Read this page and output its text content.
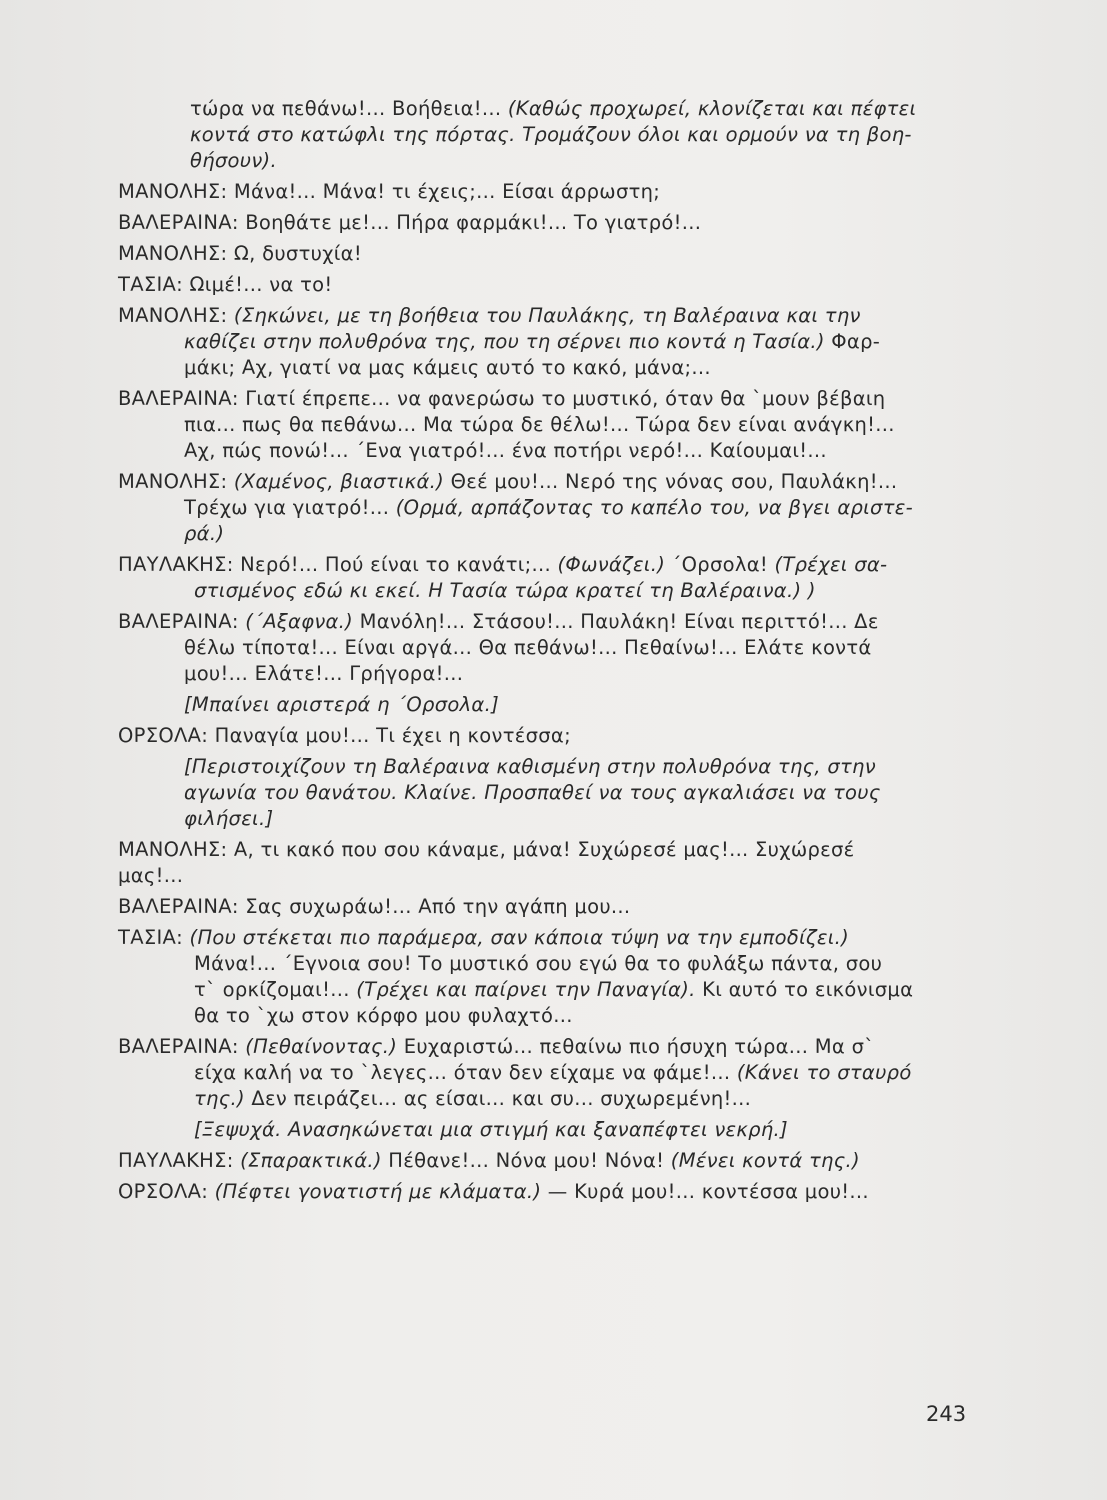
τώρα να πεθάνω!... Βοήθεια!... (Καθώς προχωρεί, κλονίζεται και πέφτει
κοντά στο κατώφλι της πόρτας. Τρομάζουν όλοι και ορμούν να τη βοη-
θήσουν).
ΜΑΝΟΛΗΣ: Μάνα!... Μάνα! τι έχεις;... Είσαι άρρωστη;
ΒΑΛΕΡΑΙΝΑ: Βοηθάτε με!... Πήρα φαρμάκι!... Το γιατρό!...
ΜΑΝΟΛΗΣ: Ω, δυστυχία!
ΤΑΣΙΑ: Ωιμέ!... να το!
ΜΑΝΟΛΗΣ: (Σηκώνει, με τη βοήθεια του Παυλάκης, τη Βαλέραινα και την
καθίζει στην πολυθρόνα της, που τη σέρνει πιο κοντά η Τασία.) Φαρ-
μάκι; Αχ, γιατί να μας κάμεις αυτό το κακό, μάνα;...
ΒΑΛΕΡΑΙΝΑ: Γιατί έπρεπε... να φανερώσω το μυστικό, όταν θα `μουν βέβαιη
πια... πως θα πεθάνω... Μα τώρα δε θέλω!... Τώρα δεν είναι ανάγκη!...
Αχ, πώς πονώ!... ΄Ενα γιατρό!... ένα ποτήρι νερό!... Καίουμαι!...
ΜΑΝΟΛΗΣ: (Χαμένος, βιαστικά.) Θεέ μου!... Νερό της νόνας σου, Παυλάκη!...
Τρέχω για γιατρό!... (Ορμά, αρπάζοντας το καπέλο του, να βγει αριστε-
ρά.)
ΠΑΥΛΑΚΗΣ: Νερό!... Πού είναι το κανάτι;... (Φωνάζει.) ΄Ορσολα! (Τρέχει σα-
στισμένος εδώ κι εκεί. Η Τασία τώρα κρατεί τη Βαλέραινα.) )
ΒΑΛΕΡΑΙΝΑ: (΄Αξαφνα.) Μανόλη!... Στάσου!... Παυλάκη! Είναι περιττό!... Δε
θέλω τίποτα!... Είναι αργά... Θα πεθάνω!... Πεθαίνω!... Ελάτε κοντά
μου!... Ελάτε!... Γρήγορα!...
[Μπαίνει αριστερά η ΄Ορσολα.]
ΟΡΣΟΛΑ: Παναγία μου!... Τι έχει η κοντέσσα;
[Περιστοιχίζουν τη Βαλέραινα καθισμένη στην πολυθρόνα της, στην
αγωνία του θανάτου. Κλαίνε. Προσπαθεί να τους αγκαλιάσει να τους
φιλήσει.]
ΜΑΝΟΛΗΣ: Α, τι κακό που σου κάναμε, μάνα! Συχώρεσέ μας!... Συχώρεσέ
μας!...
ΒΑΛΕΡΑΙΝΑ: Σας συχωράω!... Από την αγάπη μου...
ΤΑΣΙΑ: (Που στέκεται πιο παράμερα, σαν κάποια τύψη να την εμποδίζει.)
Μάνα!... ΄Εγνοια σου! Το μυστικό σου εγώ θα το φυλάξω πάντα, σου
τ` ορκίζομαι!... (Τρέχει και παίρνει την Παναγία). Κι αυτό το εικόνισμα
θα το `χω στον κόρφο μου φυλαχτό...
ΒΑΛΕΡΑΙΝΑ: (Πεθαίνοντας.) Ευχαριστώ... πεθαίνω πιο ήσυχη τώρα... Μα σ`
είχα καλή να το `λεγες... όταν δεν είχαμε να φάμε!... (Κάνει το σταυρό
της.) Δεν πειράζει... ας είσαι... και συ... συχωρεμένη!...
[Ξεψυχά. Ανασηκώνεται μια στιγμή και ξαναπέφτει νεκρή.]
ΠΑΥΛΑΚΗΣ: (Σπαρακτικά.) Πέθανε!... Νόνα μου! Νόνα! (Μένει κοντά της.)
ΟΡΣΟΛΑ: (Πέφτει γονατιστή με κλάματα.) — Κυρά μου!... κοντέσσα μου!...
243
